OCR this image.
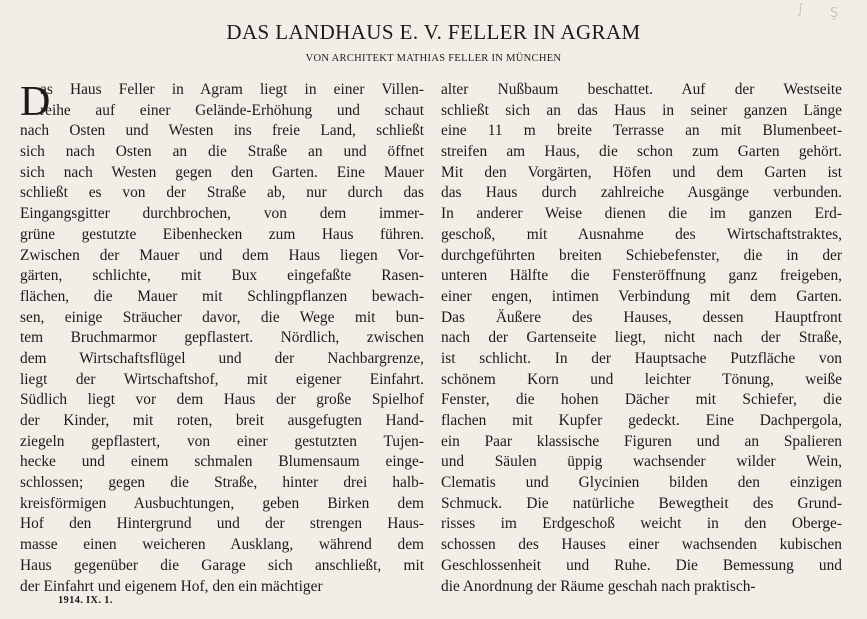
DAS LANDHAUS E. V. FELLER IN AGRAM
VON ARCHITEKT MATHIAS FELLER IN MÜNCHEN
D
as Haus Feller in Agram liegt in einer Villen-
reihe auf einer Gelände-Erhöhung und schaut
nach Osten und Westen ins freie Land, schließt
sich nach Osten an die Straße an und öffnet
sich nach Westen gegen den Garten. Eine Mauer
schließt es von der Straße ab, nur durch das
Eingangsgitter durchbrochen, von dem immer-
grüne gestutzte Eibenhecken zum Haus führen.
Zwischen der Mauer und dem Haus liegen Vor-
gärten, schlichte, mit Bux eingefaßte Rasen-
flächen, die Mauer mit Schlingpflanzen bewach-
sen, einige Sträucher davor, die Wege mit bun-
tem Bruchmarmor gepflastert. Nördlich, zwischen
dem Wirtschaftsflügel und der Nachbargrenze,
liegt der Wirtschaftshof, mit eigener Einfahrt.
Südlich liegt vor dem Haus der große Spielhof
der Kinder, mit roten, breit ausgefugten Hand-
ziegeln gepflastert, von einer gestutzten Tujen-
hecke und einem schmalen Blumensaum einge-
schlossen; gegen die Straße, hinter drei halb-
kreisförmigen Ausbuchtungen, geben Birken dem
Hof den Hintergrund und der strengen Haus-
masse einen weicheren Ausklang, während dem
Haus gegenüber die Garage sich anschließt, mit
der Einfahrt und eigenem Hof, den ein mächtiger
alter Nußbaum beschattet. Auf der Westseite
schließt sich an das Haus in seiner ganzen Länge
eine 11 m breite Terrasse an mit Blumenbeet-
streifen am Haus, die schon zum Garten gehört.
Mit den Vorgärten, Höfen und dem Garten ist
das Haus durch zahlreiche Ausgänge verbunden.
In anderer Weise dienen die im ganzen Erd-
geschoß, mit Ausnahme des Wirtschaftstraktes,
durchgeführten breiten Schiebefenster, die in der
unteren Hälfte die Fensteröffnung ganz freigeben,
einer engen, intimen Verbindung mit dem Garten.
Das Äußere des Hauses, dessen Hauptfront
nach der Gartenseite liegt, nicht nach der Straße,
ist schlicht. In der Hauptsache Putzfläche von
schönem Korn und leichter Tönung, weiße
Fenster, die hohen Dächer mit Schiefer, die
flachen mit Kupfer gedeckt. Eine Dachpergola,
ein Paar klassische Figuren und an Spalieren
und Säulen üppig wachsender wilder Wein,
Clematis und Glycinien bilden den einzigen
Schmuck. Die natürliche Bewegtheit des Grund-
risses im Erdgeschoß weicht in den Oberge-
schossen des Hauses einer wachsenden kubischen
Geschlossenheit und Ruhe. Die Bemessung und
die Anordnung der Räume geschah nach praktisch-
1914. IX. 1.
∫ Ş
